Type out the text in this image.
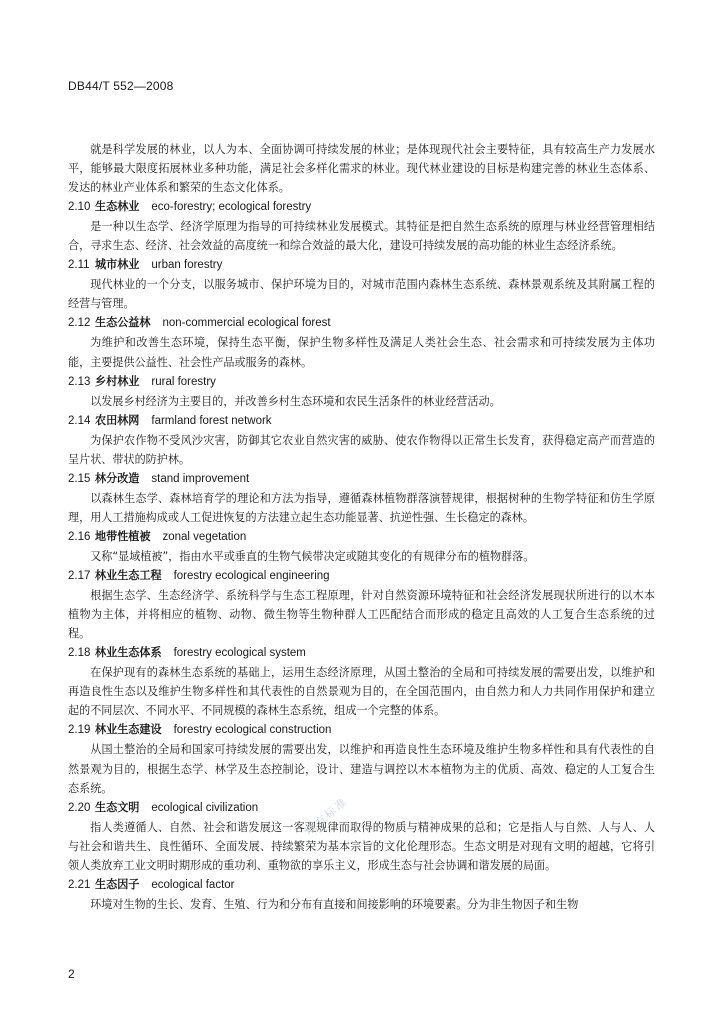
DB44/T 552—2008

就是科学发展的林业，以人为本、全面协调可持续发展的林业；是体现现代社会主要特征，具有较高生产力发展水平，能够最大限度拓展林业多种功能，满足社会多样化需求的林业。现代林业建设的目标是构建完善的林业生态体系、发达的林业产业体系和繁荣的生态文化体系。

2.10 生态林业 eco-forestry; ecological forestry

是一种以生态学、经济学原理为指导的可持续林业发展模式。其特征是把自然生态系统的原理与林业经营管理相结合，寻求生态、经济、社会效益的高度统一和综合效益的最大化，建设可持续发展的高功能的林业生态经济系统。

2.11 城市林业 urban forestry

现代林业的一个分支，以服务城市、保护环境为目的，对城市范围内森林生态系统、森林景观系统及其附属工程的经营与管理。

2.12 生态公益林 non-commercial ecological forest

为维护和改善生态环境，保持生态平衡，保护生物多样性及满足人类社会生态、社会需求和可持续发展为主体功能，主要提供公益性、社会性产品或服务的森林。

2.13 乡村林业 rural forestry

以发展乡村经济为主要目的，并改善乡村生态环境和农民生活条件的林业经营活动。

2.14 农田林网 farmland forest network

为保护农作物不受风沙灾害，防御其它农业自然灾害的威胁、使农作物得以正常生长发育，获得稳定高产而营造的呈片状、带状的防护林。

2.15 林分改造 stand improvement

以森林生态学、森林培育学的理论和方法为指导，遵循森林植物群落演替规律，根据树种的生物学特征和仿生学原理，用人工措施构成或人工促进恢复的方法建立起生态功能显著、抗逆性强、生长稳定的森林。

2.16 地带性植被 zonal vegetation

又称“显域植被”，指由水平或垂直的生物气候带决定或随其变化的有规律分布的植物群落。

2.17 林业生态工程 forestry ecological engineering

根据生态学、生态经济学、系统科学与生态工程原理，针对自然资源环境特征和社会经济发展现状所进行的以木本植物为主体，并将相应的植物、动物、微生物等生物种群人工匹配结合而形成的稳定且高效的人工复合生态系统的过程。

2.18 林业生态体系 forestry ecological system

在保护现有的森林生态系统的基础上，运用生态经济原理，从国土整治的全局和可持续发展的需要出发，以维护和再造良性生态以及维护生物多样性和其代表性的自然景观为目的，在全国范围内，由自然力和人力共同作用保护和建立起的不同层次、不同水平、不同规模的森林生态系统，组成一个完整的体系。

2.19 林业生态建设 forestry ecological construction

从国土整治的全局和国家可持续发展的需要出发，以维护和再造良性生态环境及维护生物多样性和具有代表性的自然景观为目的，根据生态学、林学及生态控制论，设计、建造与调控以木本植物为主的优质、高效、稳定的人工复合生态系统。

2.20 生态文明 ecological civilization

指人类遵循人、自然、社会和谐发展这一客观规律而取得的物质与精神成果的总和；它是指人与自然、人与人、人与社会和谐共生、良性循环、全面发展、持续繁荣为基本宗旨的文化伦理形态。生态文明是对现有文明的超越，它将引领人类放弃工业文明时期形成的重功利、重物欲的享乐主义，形成生态与社会协调和谐发展的局面。

2.21 生态因子 ecological factor

环境对生物的生长、发育、生殖、行为和分布有直接和间接影响的环境要素。分为非生物因子和生物

地方标准
2
